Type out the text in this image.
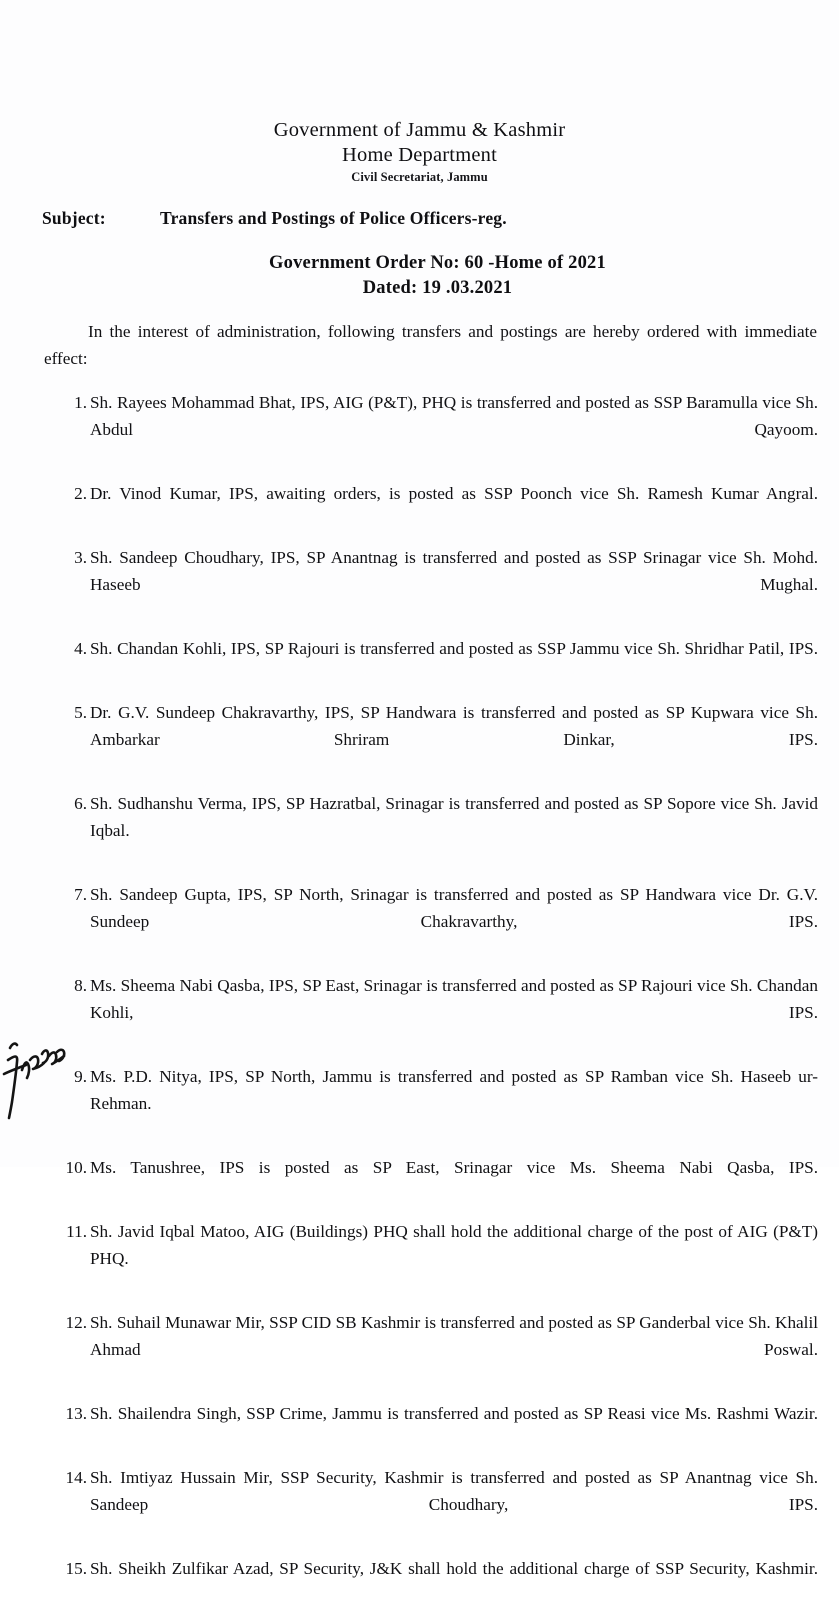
Government of Jammu & Kashmir
Home Department
Civil Secretariat, Jammu
Subject:	Transfers and Postings of Police Officers-reg.
Government Order No: 60 -Home of 2021
Dated: 19 .03.2021

In the interest of administration, following transfers and postings are hereby ordered with immediate effect:

1. Sh. Rayees Mohammad Bhat, IPS, AIG (P&T), PHQ is transferred and posted as SSP Baramulla vice Sh. Abdul Qayoom.
2. Dr. Vinod Kumar, IPS, awaiting orders, is posted as SSP Poonch vice Sh. Ramesh Kumar Angral.
3. Sh. Sandeep Choudhary, IPS, SP Anantnag is transferred and posted as SSP Srinagar vice Sh. Mohd. Haseeb Mughal.
4. Sh. Chandan Kohli, IPS, SP Rajouri is transferred and posted as SSP Jammu vice Sh. Shridhar Patil, IPS.
5. Dr. G.V. Sundeep Chakravarthy, IPS, SP Handwara is transferred and posted as SP Kupwara vice Sh. Ambarkar Shriram Dinkar, IPS.
6. Sh. Sudhanshu Verma, IPS, SP Hazratbal, Srinagar is transferred and posted as SP Sopore vice Sh. Javid Iqbal.
7. Sh. Sandeep Gupta, IPS, SP North, Srinagar is transferred and posted as SP Handwara vice Dr. G.V. Sundeep Chakravarthy, IPS.
8. Ms. Sheema Nabi Qasba, IPS, SP East, Srinagar is transferred and posted as SP Rajouri vice Sh. Chandan Kohli, IPS.
9. Ms. P.D. Nitya, IPS, SP North, Jammu is transferred and posted as SP Ramban vice Sh. Haseeb ur-Rehman.
10. Ms. Tanushree, IPS is posted as SP East, Srinagar vice Ms. Sheema Nabi Qasba, IPS.
11. Sh. Javid Iqbal Matoo, AIG (Buildings) PHQ shall hold the additional charge of the post of AIG (P&T) PHQ.
12. Sh. Suhail Munawar Mir, SSP CID SB Kashmir is transferred and posted as SP Ganderbal vice Sh. Khalil Ahmad Poswal.
13. Sh. Shailendra Singh, SSP Crime, Jammu is transferred and posted as SP Reasi vice Ms. Rashmi Wazir.
14. Sh. Imtiyaz Hussain Mir, SSP Security, Kashmir is transferred and posted as SP Anantnag vice Sh. Sandeep Choudhary, IPS.
15. Sh. Sheikh Zulfikar Azad, SP Security, J&K shall hold the additional charge of SSP Security, Kashmir.
